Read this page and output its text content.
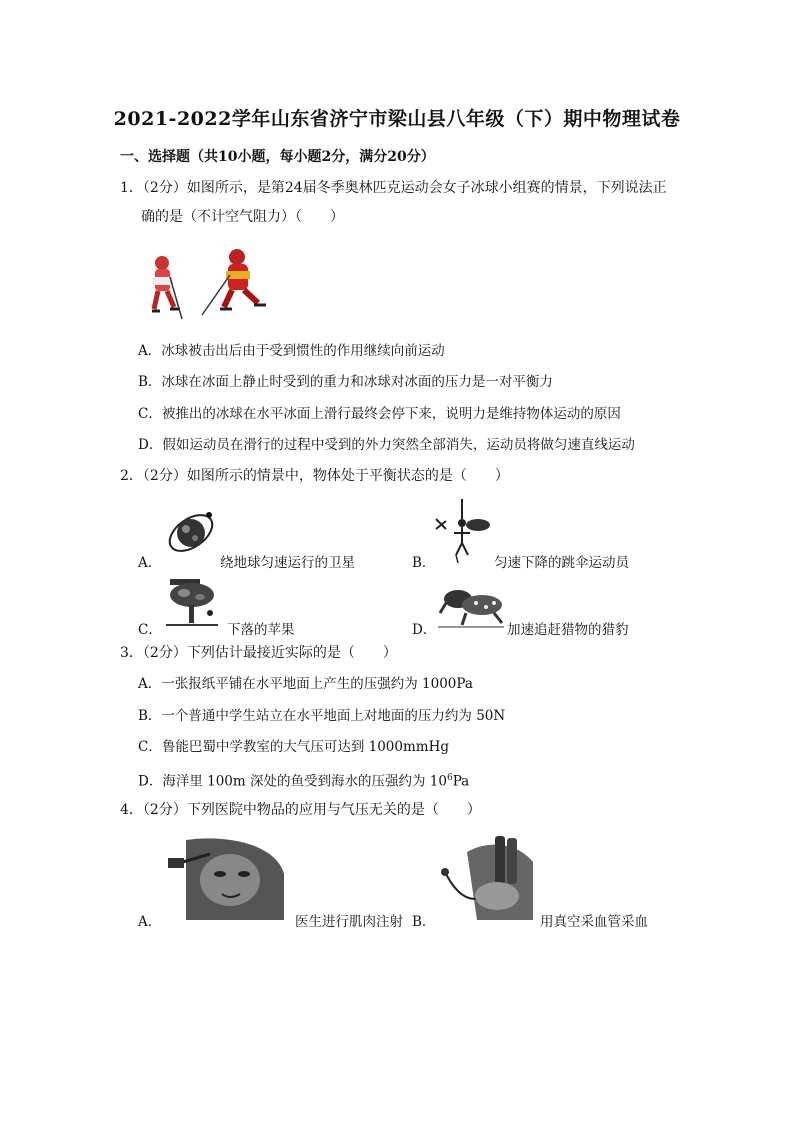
2021-2022学年山东省济宁市梁山县八年级（下）期中物理试卷
一、选择题（共10小题，每小题2分，满分20分）
1．（2分）如图所示，是第24届冬季奥林匹克运动会女子冰球小组赛的情景，下列说法正
确的是（不计空气阻力）（　　）
A．冰球被击出后由于受到惯性的作用继续向前运动
B．冰球在冰面上静止时受到的重力和冰球对冰面的压力是一对平衡力
C．被推出的冰球在水平冰面上滑行最终会停下来，说明力是维持物体运动的原因
D．假如运动员在滑行的过程中受到的外力突然全部消失，运动员将做匀速直线运动
2．（2分）如图所示的情景中，物体处于平衡状态的是（　　）
A．	绕地球匀速运行的卫星	B．	匀速下降的跳伞运动员
C．	下落的苹果	D．	加速追赶猎物的猎豹
3．（2分）下列估计最接近实际的是（　　）
A．一张报纸平铺在水平地面上产生的压强约为 1000Pa
B．一个普通中学生站立在水平地面上对地面的压力约为 50N
C．鲁能巴蜀中学教室的大气压可达到 1000mmHg
D．海洋里 100m 深处的鱼受到海水的压强约为 $10^6Pa$
4．（2分）下列医院中物品的应用与气压无关的是（　　）
A．	医生进行肌肉注射 B．	用真空采血管采血
